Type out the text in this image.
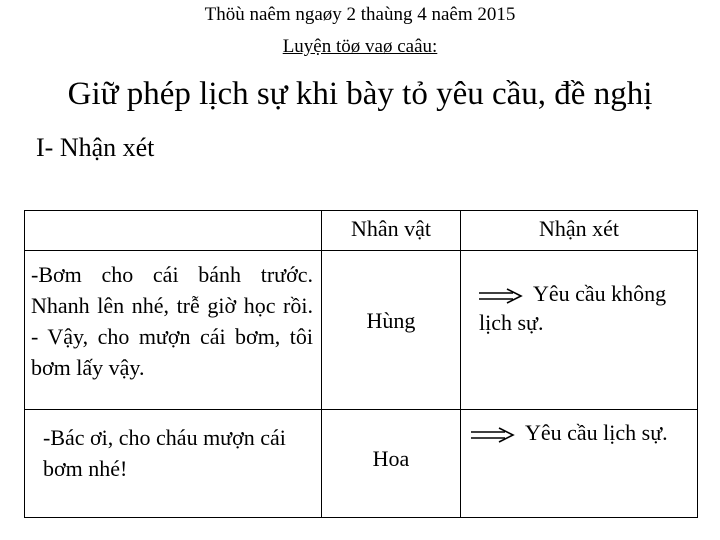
Thöù naêm ngaøy 2 thaùng 4 naêm 2015
Luyện töø vaø caâu:
Giữ phép lịch sự khi bày tỏ yêu cầu, đề nghị
I- Nhận xét

	Nhân vật	Nhận xét

-Bơm cho cái bánh trước. Nhanh lên nhé, trễ giờ học rồi. - Vậy, cho mượn cái bơm, tôi bơm lấy vậy.	Hùng	Yêu cầu không lịch sự.

-Bác ơi, cho cháu mượn cái bơm nhé!	Hoa	Yêu cầu lịch sự.
